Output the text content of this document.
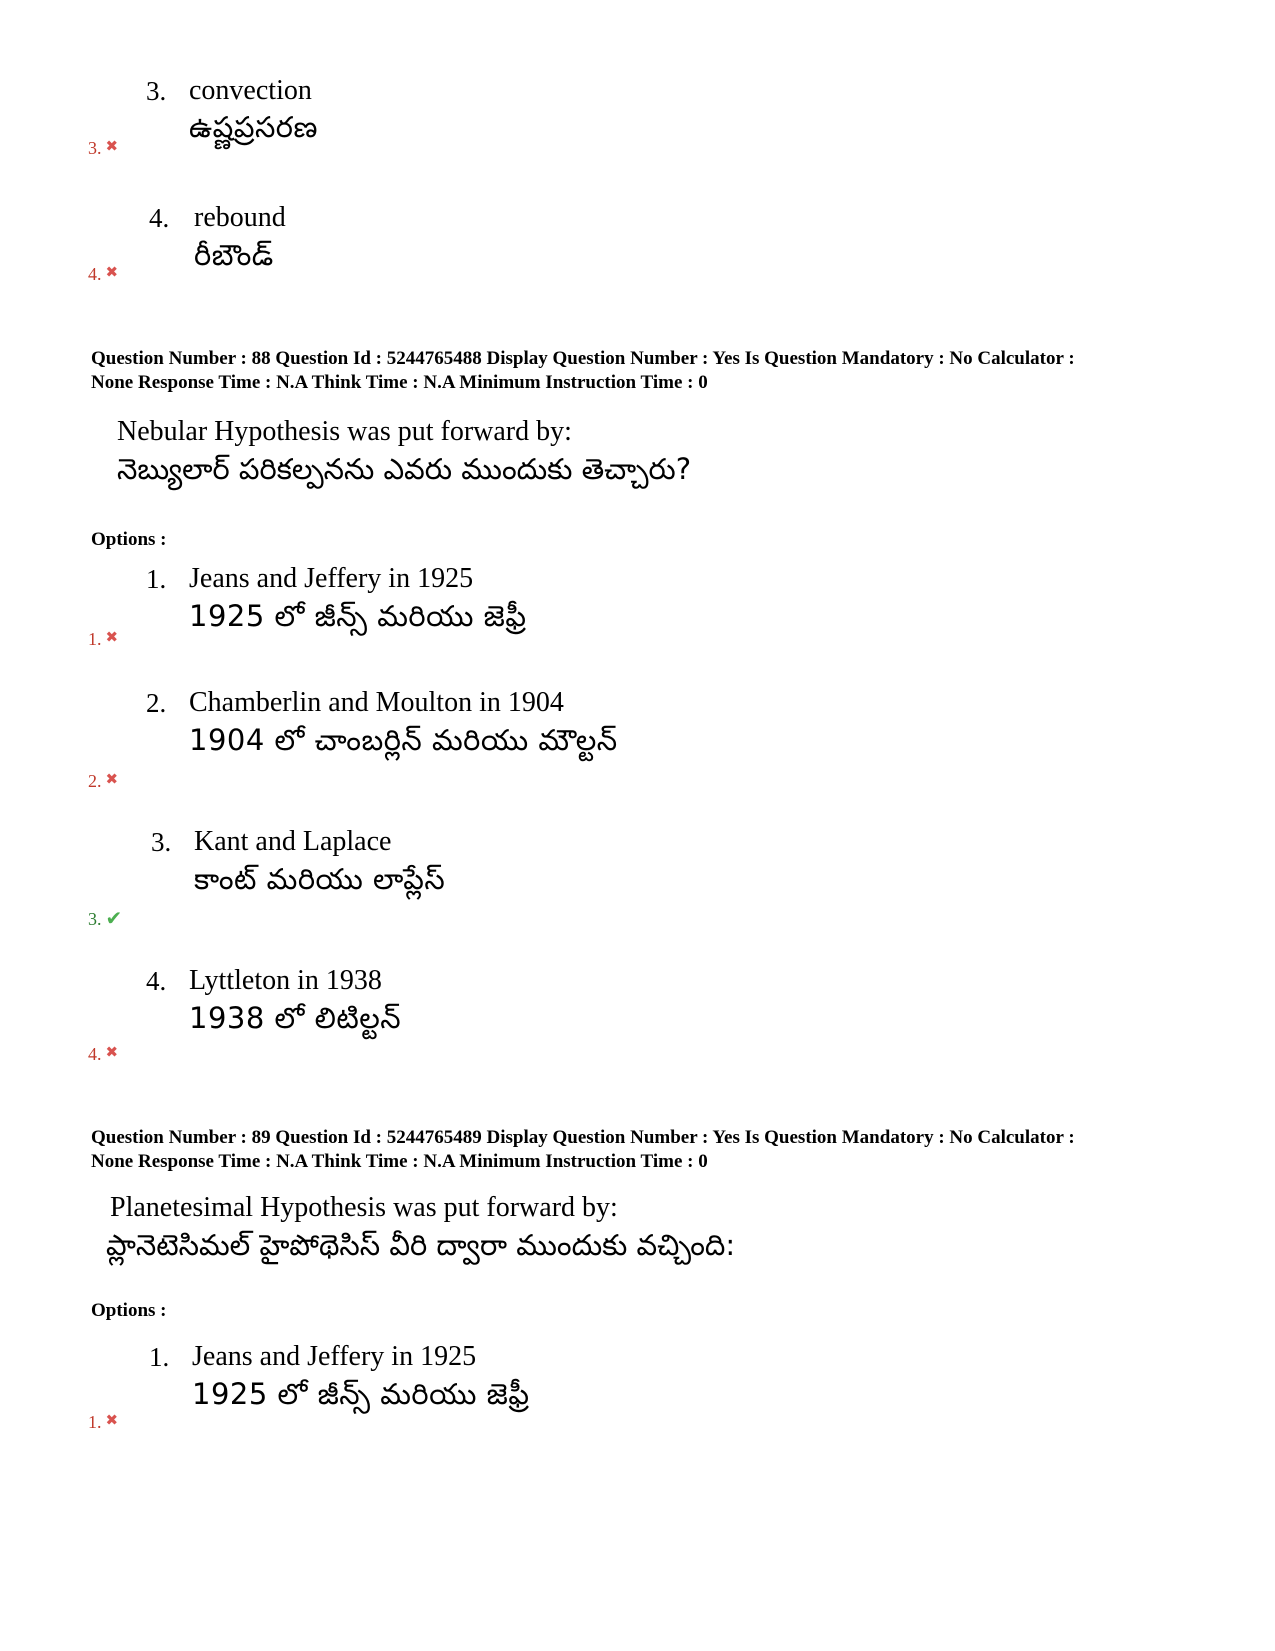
3. convection
ఉష్ణప్రసరణ
3. ✖
4. rebound
రీబౌండ్
4. ✖
Question Number : 88 Question Id : 5244765488 Display Question Number : Yes Is Question Mandatory : No Calculator :
None Response Time : N.A Think Time : N.A Minimum Instruction Time : 0
Nebular Hypothesis was put forward by:
నెబ్యులార్ పరికల్పనను ఎవరు ముందుకు తెచ్చారు?
Options :
1. Jeans and Jeffery in 1925
1925 లో జీన్స్ మరియు జెఫ్రీ
1. ✖
2. Chamberlin and Moulton in 1904
1904 లో చాంబర్లిన్ మరియు మౌల్టన్
2. ✖
3. Kant and Laplace
కాంట్ మరియు లాప్లేస్
3. ✔
4. Lyttleton in 1938
1938 లో లిటిల్టన్
4. ✖
Question Number : 89 Question Id : 5244765489 Display Question Number : Yes Is Question Mandatory : No Calculator :
None Response Time : N.A Think Time : N.A Minimum Instruction Time : 0
Planetesimal Hypothesis was put forward by:
ప్లానెటెసిమల్ హైపోథెసిస్ వీరి ద్వారా ముందుకు వచ్చింది:
Options :
1. Jeans and Jeffery in 1925
1925 లో జీన్స్ మరియు జెఫ్రీ
1. ✖
